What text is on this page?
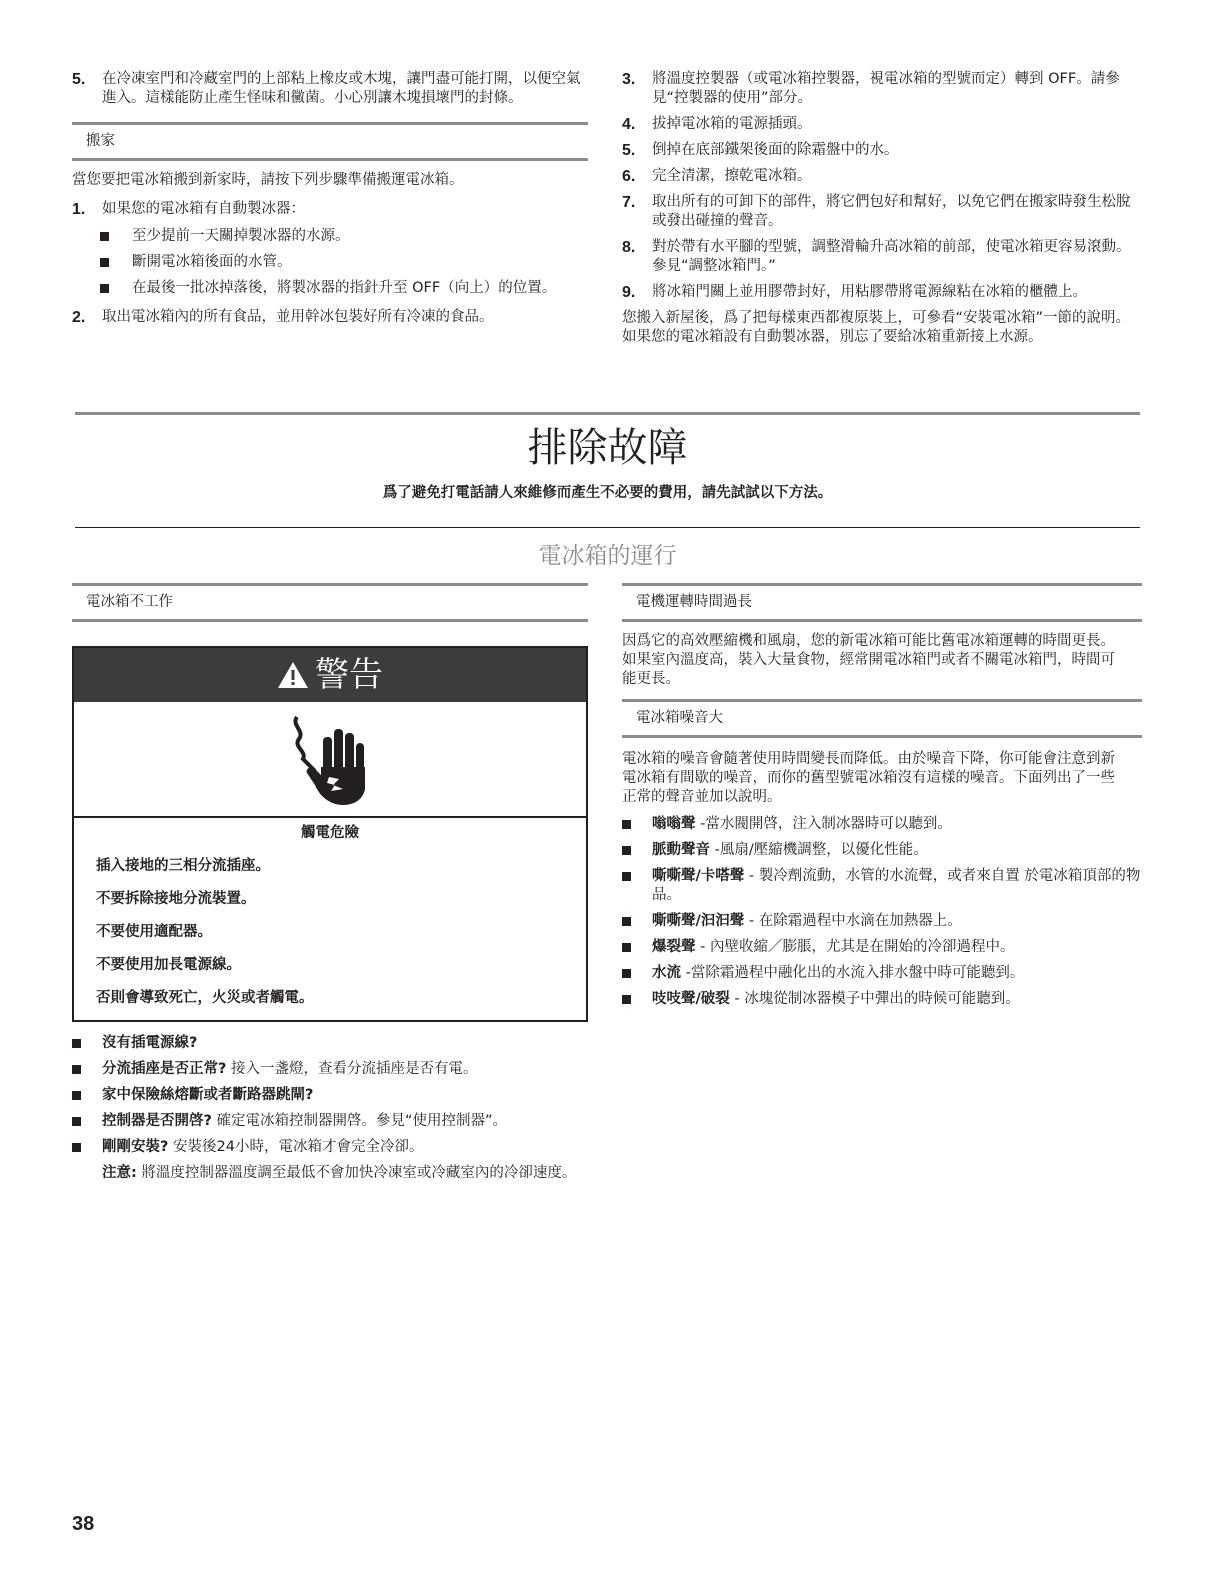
5. 在冷凍室門和冷藏室門的上部粘上橡皮或木塊，讓門盡可能打開，以便空氣進入。這樣能防止產生怪味和黴菌。小心別讓木塊損壞門的封條。
搬家

當您要把電冰箱搬到新家時，請按下列步驟準備搬運電冰箱。

1. 如果您的電冰箱有自動製冰器：
至少提前一天關掉製冰器的水源。
斷開電冰箱後面的水管。
在最後一批冰掉落後，將製冰器的指針升至 OFF（向上）的位置。
2. 取出電冰箱內的所有食品，並用幹冰包裝好所有冷凍的食品。
3. 將溫度控製器（或電冰箱控製器，視電冰箱的型號而定）轉到 OFF。請參見“控製器的使用”部分。
4. 拔掉電冰箱的電源插頭。
5. 倒掉在底部鐵架後面的除霜盤中的水。
6. 完全清潔，擦乾電冰箱。
7. 取出所有的可卸下的部件，將它們包好和幫好，以免它們在搬家時發生松脫或發出碰撞的聲音。
8. 對於帶有水平腳的型號，調整滑輪升高冰箱的前部，使電冰箱更容易滾動。參見“調整冰箱門。”
9. 將冰箱門關上並用膠帶封好，用粘膠帶將電源線粘在冰箱的櫃體上。

您搬入新屋後，爲了把每樣東西都複原裝上，可參看“安裝電冰箱”一節的說明。如果您的電冰箱設有自動製冰器，別忘了要給冰箱重新接上水源。

排除故障
爲了避免打電話請人來維修而產生不必要的費用，請先試試以下方法。
電冰箱的運行
電冰箱不工作
警告
觸電危險
插入接地的三相分流插座。
不要拆除接地分流裝置。
不要使用適配器。
不要使用加長電源線。
否則會導致死亡，火災或者觸電。
沒有插電源線?
分流插座是否正常? 接入一盞燈，查看分流插座是否有電。
家中保險絲熔斷或者斷路器跳閘?
控制器是否開啓? 確定電冰箱控制器開啓。參見“使用控制器”。
剛剛安裝? 安裝後24小時，電冰箱才會完全冷卻。

注意: 將溫度控制器溫度調至最低不會加快冷凍室或冷藏室內的冷卻速度。

電機運轉時間過長

因爲它的高效壓縮機和風扇，您的新電冰箱可能比舊電冰箱運轉的時間更長。如果室內溫度高，裝入大量食物，經常開電冰箱門或者不關電冰箱門，時間可能更長。

電冰箱噪音大

電冰箱的噪音會隨著使用時間變長而降低。由於噪音下降，你可能會注意到新電冰箱有間歇的噪音，而你的舊型號電冰箱沒有這樣的噪音。下面列出了一些正常的聲音並加以說明。

嗡嗡聲 -當水閥開啓，注入制冰器時可以聽到。
脈動聲音 -風扇/壓縮機調整，以優化性能。
嘶嘶聲/卡嗒聲 - 製冷劑流動，水管的水流聲，或者來自置 於電冰箱頂部的物品。
嘶嘶聲/汩汩聲 - 在除霜過程中水滴在加熱器上。
爆裂聲 - 內壁收縮／膨脹，尤其是在開始的冷卻過程中。
水流 -當除霜過程中融化出的水流入排水盤中時可能聽到。
吱吱聲/破裂 - 冰塊從制冰器模子中彈出的時候可能聽到。
38
